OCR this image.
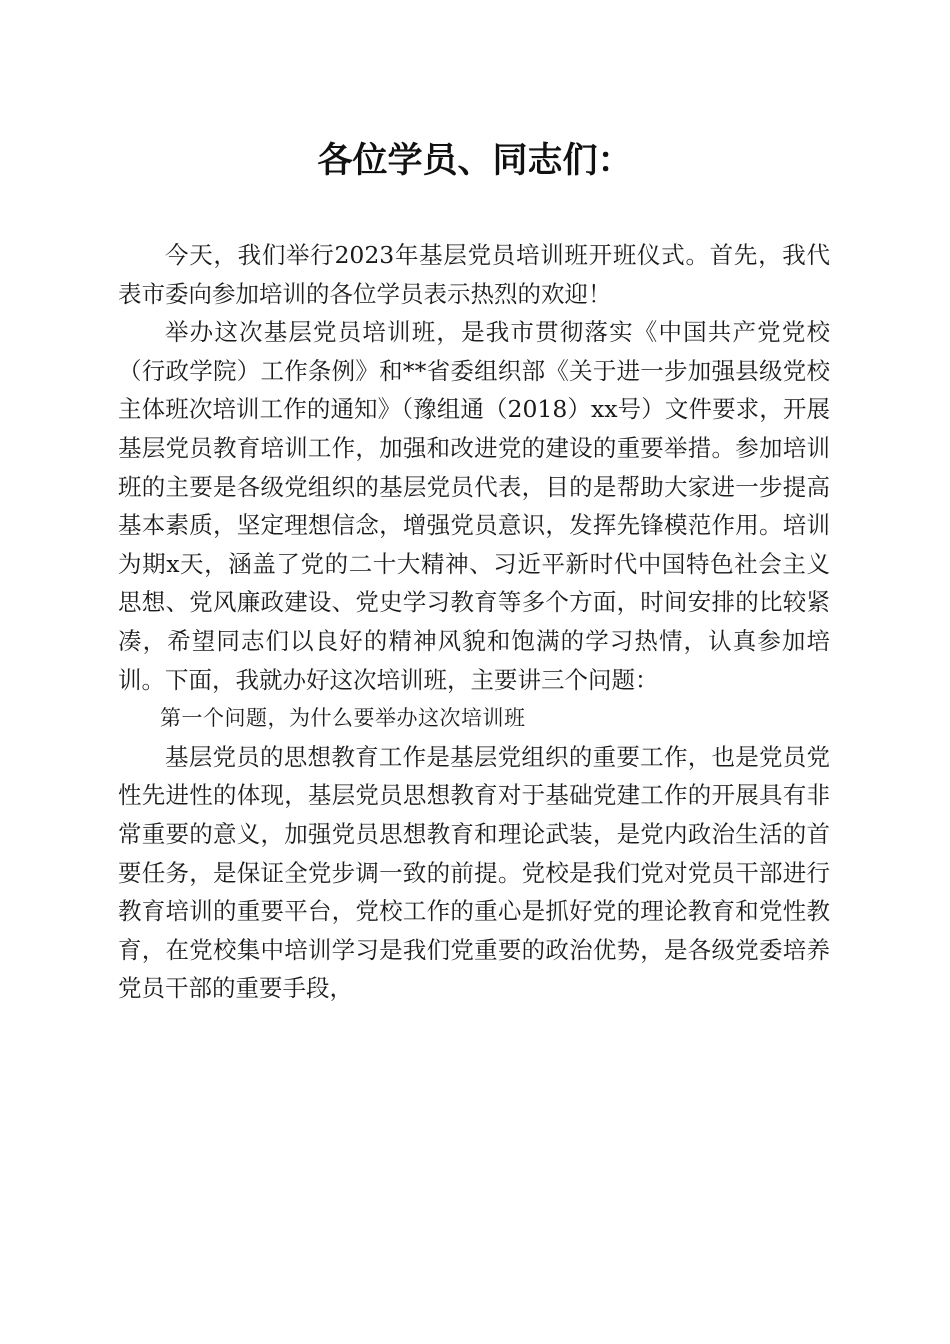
各位学员、同志们：

今天，我们举行2023年基层党员培训班开班仪式。首先，我代表市委向参加培训的各位学员表示热烈的欢迎！

举办这次基层党员培训班，是我市贯彻落实《中国共产党党校（行政学院）工作条例》和**省委组织部《关于进一步加强县级党校主体班次培训工作的通知》（豫组通（2018）xx号）文件要求，开展基层党员教育培训工作，加强和改进党的建设的重要举措。参加培训班的主要是各级党组织的基层党员代表，目的是帮助大家进一步提高基本素质，坚定理想信念，增强党员意识，发挥先锋模范作用。培训为期x天，涵盖了党的二十大精神、习近平新时代中国特色社会主义思想、党风廉政建设、党史学习教育等多个方面，时间安排的比较紧凑，希望同志们以良好的精神风貌和饱满的学习热情，认真参加培训。下面，我就办好这次培训班，主要讲三个问题：

第一个问题，为什么要举办这次培训班

基层党员的思想教育工作是基层党组织的重要工作，也是党员党性先进性的体现，基层党员思想教育对于基础党建工作的开展具有非常重要的意义，加强党员思想教育和理论武装，是党内政治生活的首要任务，是保证全党步调一致的前提。党校是我们党对党员干部进行教育培训的重要平台，党校工作的重心是抓好党的理论教育和党性教育，在党校集中培训学习是我们党重要的政治优势，是各级党委培养党员干部的重要手段，
